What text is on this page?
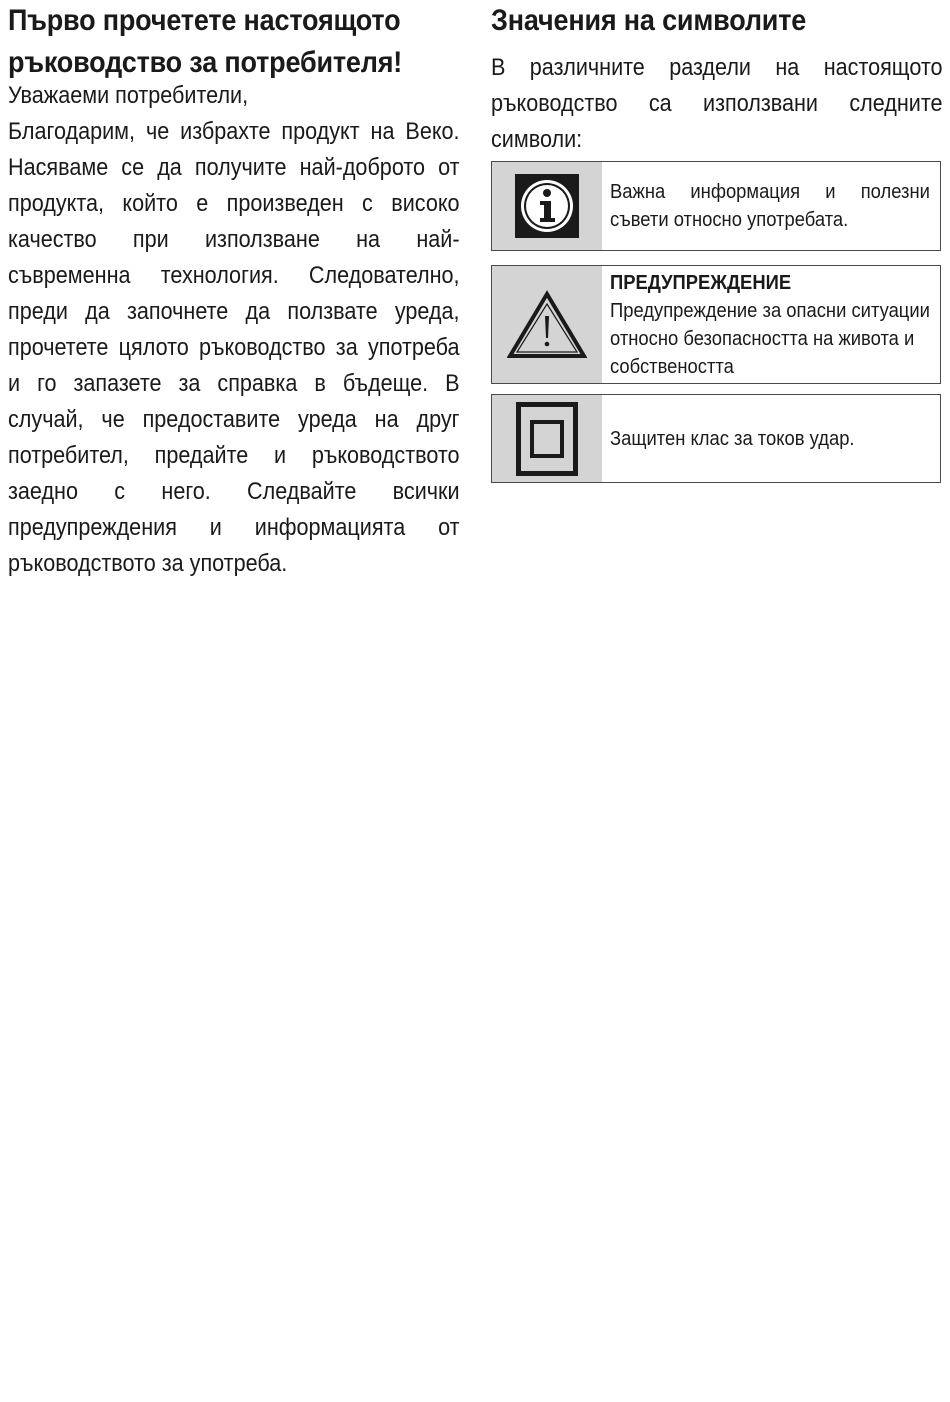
Първо прочетете настоящото ръководство за потребителя!

Уважаеми потребители,

Благодарим, че избрахте продукт на Веко. Насяваме се да получите най-доброто от продукта, който е произведен с високо качество при използване на най-съвременна технология. Следователно, преди да започнете да ползвате уреда, прочетете цялото ръководство за употреба и го запазете за справка в бъдеще. В случай, че предоставите уреда на друг потребител, предайте и ръководството заедно с него. Следвайте всички предупреждения и информацията от ръководството за употреба.

Значения на символите

В различните раздели на настоящото ръководство са използвани следните символи:

Важна информация и полезни съвети относно употребата.
ПРЕДУПРЕЖДЕНИЕ
Предупреждение за опасни ситуации относно безопасността на живота и собствеността
Защитен клас за токов удар.
